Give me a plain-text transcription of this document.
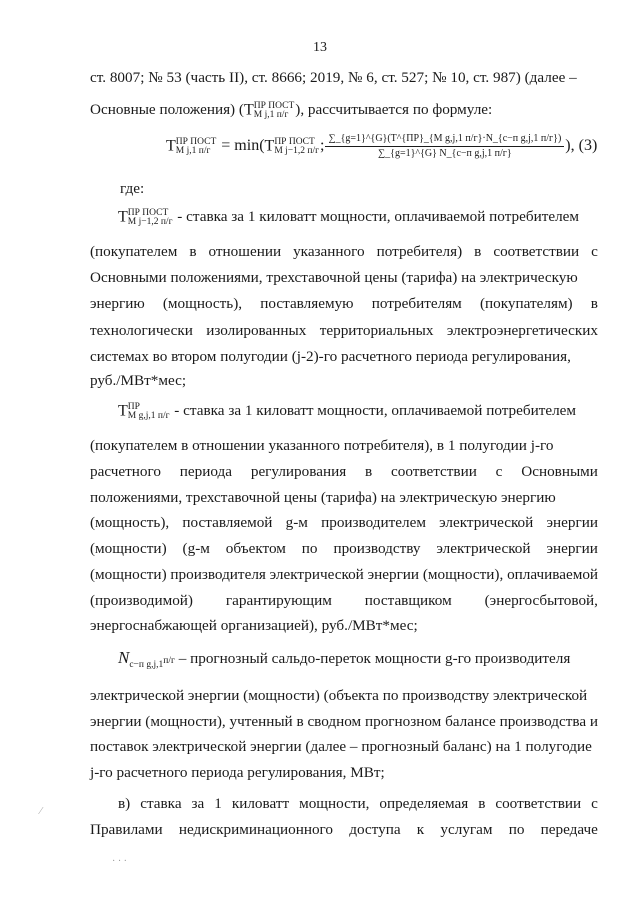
13
ст. 8007; № 53 (часть II), ст. 8666; 2019, № 6, ст. 527; № 10, ст. 987) (далее –
Основные положения) (T ПР ПОСТ
М j,1 п/г ), рассчитывается по формуле:
T ПР ПОСТ
М j,1 п/г = min(T ПР ПОСТ
М j−1,2 п/г ; $\frac{\text{∑\_\{g=1\}\textasciicircum{}\{G\}(T\textasciicircum{}\{ПР\}\_\{M g,j,1 п/г\}·N\_\{с−п g,j,1 п/г\})}}{\text{∑\_\{g=1\}\textasciicircum{}\{G\} N\_\{с−п g,j,1 п/г\}}}$ ), (3)
где:
T ПР ПОСТ
М j−1,2 п/г - ставка за 1 киловатт мощности, оплачиваемой потребителем
(покупателем в отношении указанного потребителя) в соответствии с
Основными положениями, трехставочной цены (тарифа) на электрическую
энергию (мощность), поставляемую потребителям (покупателям) в
технологически изолированных территориальных электроэнергетических
системах во втором полугодии (j-2)-го расчетного периода регулирования,
руб./МВт*мес;
T ПР
М g,j,1 п/г - ставка за 1 киловатт мощности, оплачиваемой потребителем
(покупателем в отношении указанного потребителя), в 1 полугодии j-го
расчетного периода регулирования в соответствии с Основными
положениями, трехставочной цены (тарифа) на электрическую энергию
(мощность), поставляемой g-м производителем электрической энергии
(мощности) (g-м объектом по производству электрической энергии
(мощности) производителя электрической энергии (мощности), оплачиваемой
(производимой) гарантирующим поставщиком (энергосбытовой,
энергоснабжающей организацией), руб./МВт*мес;
$N_{с-п g,j,1^{п/г}}$ – прогнозный сальдо-переток мощности g-го производителя
электрической энергии (мощности) (объекта по производству электрической
энергии (мощности), учтенный в сводном прогнозном балансе производства и
поставок электрической энергии (далее – прогнозный баланс) на 1 полугодие
j-го расчетного периода регулирования, МВт;
в) ставка за 1 киловатт мощности, определяемая в соответствии с
Правилами недискриминационного доступа к услугам по передаче
⁄
· · ·
